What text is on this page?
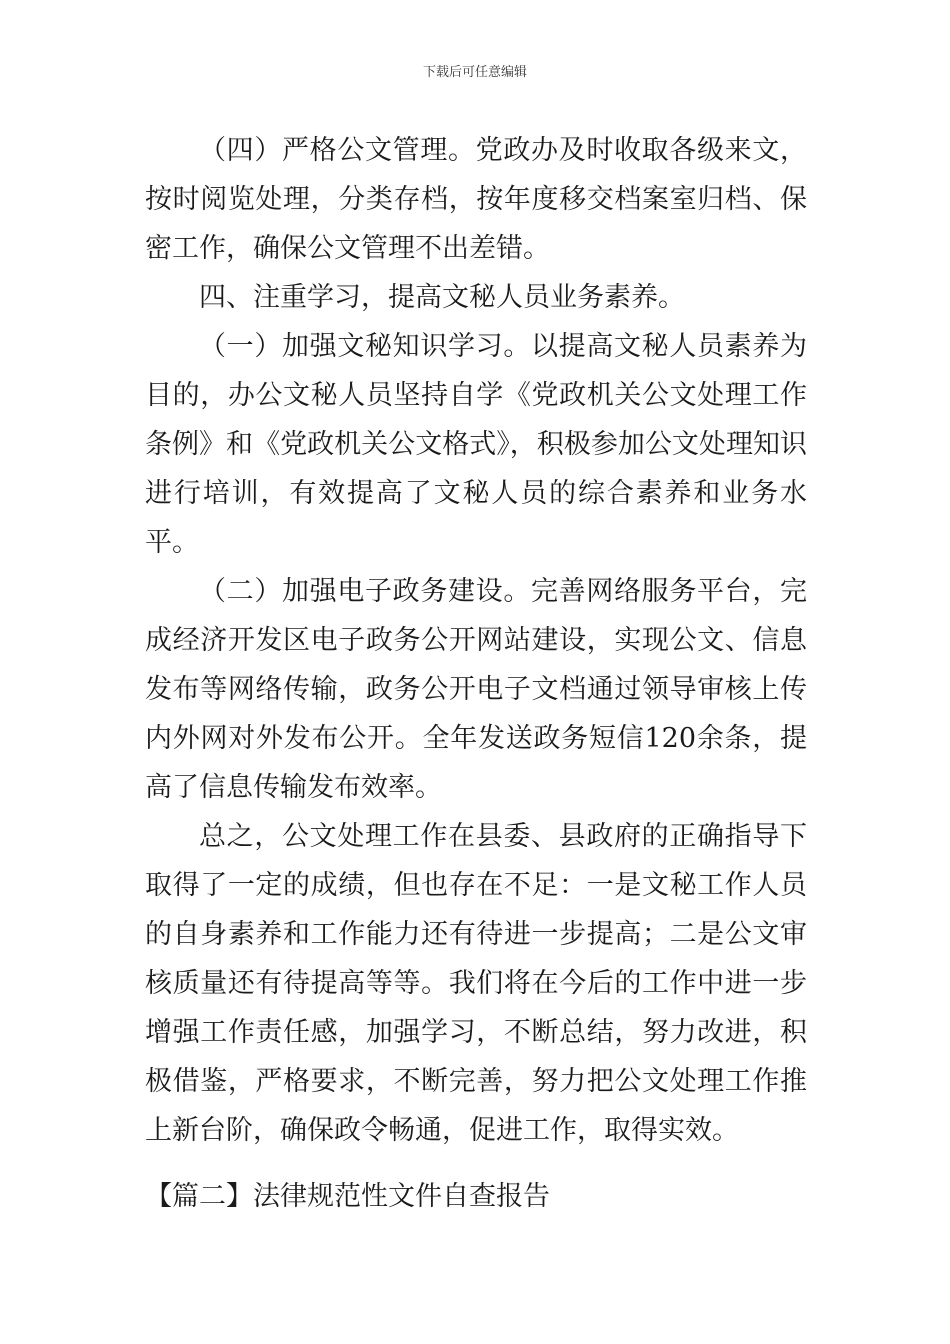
下载后可任意编辑

（四）严格公文管理。党政办及时收取各级来文，按时阅览处理，分类存档，按年度移交档案室归档、保密工作，确保公文管理不出差错。

四、注重学习，提高文秘人员业务素养。

（一）加强文秘知识学习。以提高文秘人员素养为目的，办公文秘人员坚持自学《党政机关公文处理工作条例》和《党政机关公文格式》，积极参加公文处理知识进行培训，有效提高了文秘人员的综合素养和业务水平。

（二）加强电子政务建设。完善网络服务平台，完成经济开发区电子政务公开网站建设，实现公文、信息发布等网络传输，政务公开电子文档通过领导审核上传内外网对外发布公开。全年发送政务短信120余条，提高了信息传输发布效率。

总之，公文处理工作在县委、县政府的正确指导下取得了一定的成绩，但也存在不足：一是文秘工作人员的自身素养和工作能力还有待进一步提高；二是公文审核质量还有待提高等等。我们将在今后的工作中进一步增强工作责任感，加强学习，不断总结，努力改进，积极借鉴，严格要求，不断完善，努力把公文处理工作推上新台阶，确保政令畅通，促进工作，取得实效。

【篇二】法律规范性文件自查报告
